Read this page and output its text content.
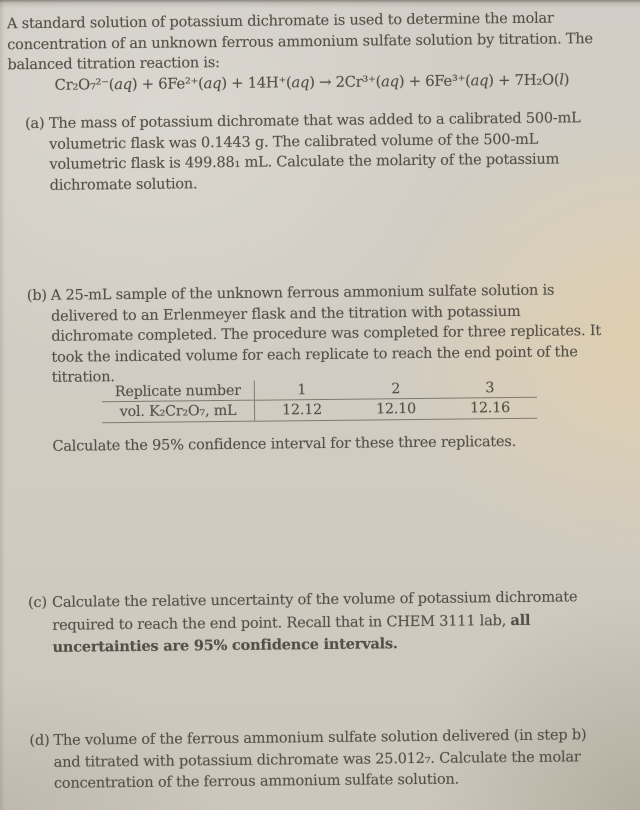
A standard solution of potassium dichromate is used to determine the molar
concentration of an unknown ferrous ammonium sulfate solution by titration. The
balanced titration reaction is:
Cr₂O₇²⁻(aq) + 6Fe²⁺(aq) + 14H⁺(aq) → 2Cr³⁺(aq) + 6Fe³⁺(aq) + 7H₂O(l)
(a) The mass of potassium dichromate that was added to a calibrated 500-mL
volumetric flask was 0.1443 g. The calibrated volume of the 500-mL
volumetric flask is 499.88₁ mL. Calculate the molarity of the potassium
dichromate solution.
(b) A 25-mL sample of the unknown ferrous ammonium sulfate solution is
delivered to an Erlenmeyer flask and the titration with potassium
dichromate completed. The procedure was completed for three replicates. It
took the indicated volume for each replicate to reach the end point of the
titration.
Replicate number	1	2	3
vol. K₂Cr₂O₇, mL	12.12	12.10	12.16
Calculate the 95% confidence interval for these three replicates.
(c) Calculate the relative uncertainty of the volume of potassium dichromate
required to reach the end point. Recall that in CHEM 3111 lab, all
uncertainties are 95% confidence intervals.
(d) The volume of the ferrous ammonium sulfate solution delivered (in step b)
and titrated with potassium dichromate was 25.012₇. Calculate the molar
concentration of the ferrous ammonium sulfate solution.
